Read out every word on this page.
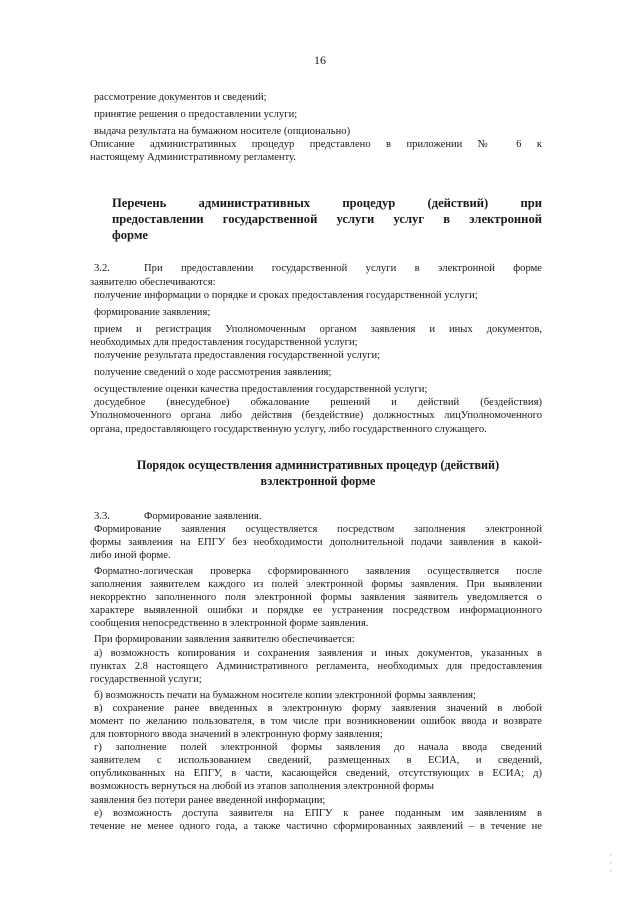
16

рассмотрение документов и сведений;

принятие решения о предоставлении услуги;

выдача результата на бумажном носителе (опционально)

Описание административных процедур представлено в приложении № 6 к

настоящему Административному регламенту.

Перечень административных процедур (действий) при
предоставлении государственной услуги услуг в электронной
форме

3.2.	При предоставлении государственной услуги в электронной форме

заявителю обеспечиваются:

получение информации о порядке и сроках предоставления государственной услуги;

формирование заявления;

прием и регистрация Уполномоченным органом заявления и иных документов,

необходимых для предоставления государственной услуги;

получение результата предоставления государственной услуги;

получение сведений о ходе рассмотрения заявления;

осуществление оценки качества предоставления государственной услуги;

досудебное (внесудебное) обжалование решений и действий (бездействия)

Уполномоченного органа либо действия (бездействие) должностных лицУполномоченного

органа, предоставляющего государственную услугу, либо государственного служащего.

Порядок осуществления административных процедур (действий)
вэлектронной форме

3.3.	Формирование заявления.

Формирование заявления осуществляется посредством заполнения электронной

формы заявления на ЕПГУ без необходимости дополнительной подачи заявления в какой-

либо иной форме.

Форматно-логическая проверка сформированного заявления осуществляется после

заполнения заявителем каждого из полей электронной формы заявления. При выявлении

некорректно заполненного поля электронной формы заявления заявитель уведомляется о

характере выявленной ошибки и порядке ее устранения посредством информационного

сообщения непосредственно в электронной форме заявления.

При формировании заявления заявителю обеспечивается:

а) возможность копирования и сохранения заявления и иных документов, указанных в

пунктах 2.8 настоящего Административного регламента, необходимых для предоставления

государственной услуги;

б) возможность печати на бумажном носителе копии электронной формы заявления;

в) сохранение ранее введенных в электронную форму заявления значений в любой

момент по желанию пользователя, в том числе при возникновении ошибок ввода и возврате

для повторного ввода значений в электронную форму заявления;

г) заполнение полей электронной формы заявления до начала ввода сведений

заявителем с использованием сведений, размещенных в ЕСИА, и сведений,

опубликованных на ЕПГУ, в части, касающейся сведений, отсутствующих в ЕСИА; д)

возможность вернуться на любой из этапов заполнения электронной формы

заявления без потери ранее введенной информации;

е) возможность доступа заявителя на ЕПГУ к ранее поданным им заявлениям в

течение не менее одного года, а также частично сформированных заявлений – в течение не

·
·
·
